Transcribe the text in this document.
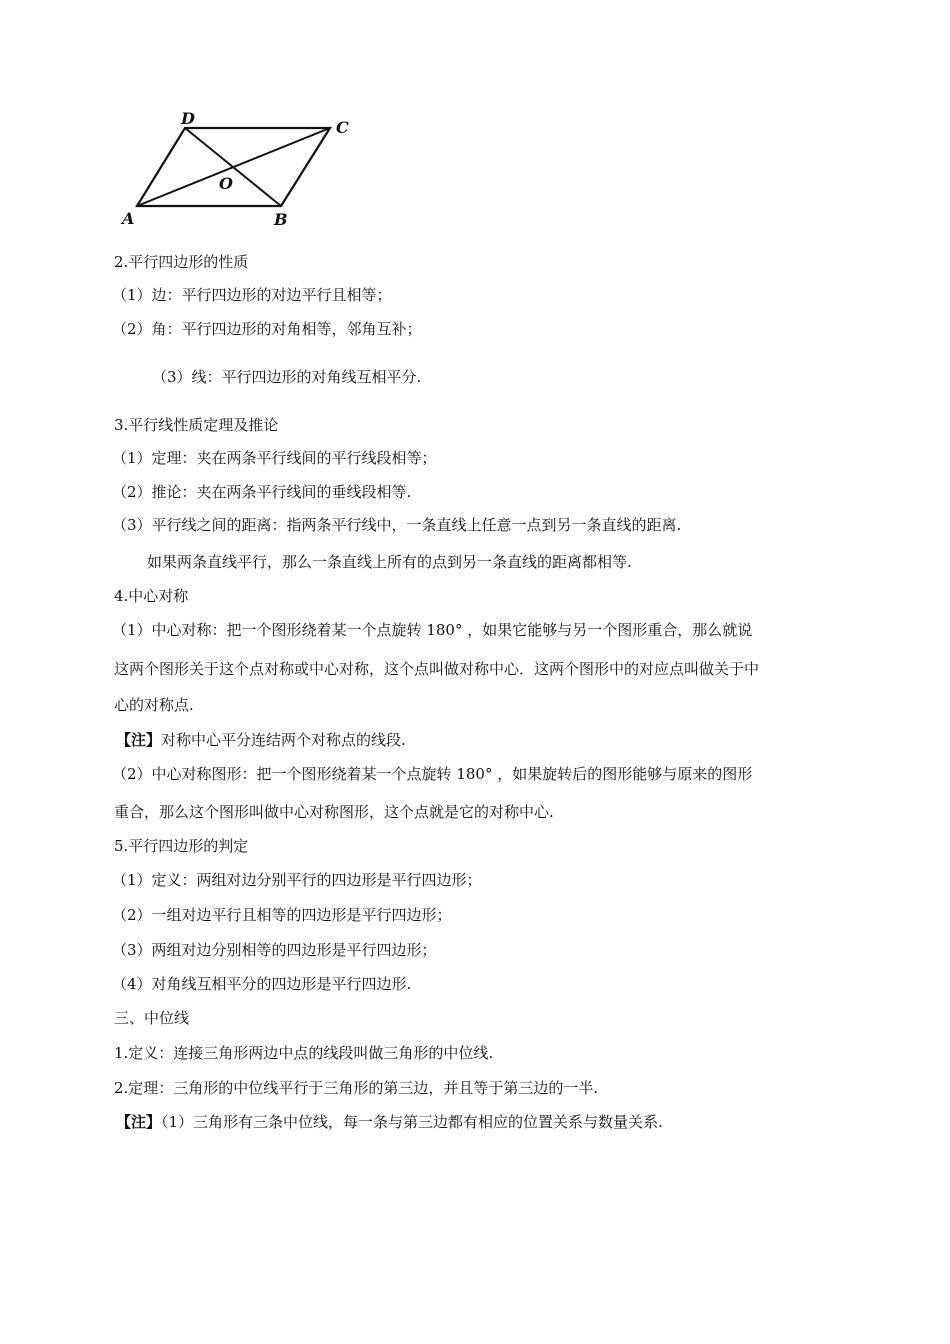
D	C
O
A	B
2.平行四边形的性质
（1）边：平行四边形的对边平行且相等；
（2）角：平行四边形的对角相等，邻角互补；
（3）线：平行四边形的对角线互相平分.
3.平行线性质定理及推论
（1）定理：夹在两条平行线间的平行线段相等；
（2）推论：夹在两条平行线间的垂线段相等.
（3）平行线之间的距离：指两条平行线中，一条直线上任意一点到另一条直线的距离.
如果两条直线平行，那么一条直线上所有的点到另一条直线的距离都相等.
4.中心对称
（1）中心对称：把一个图形绕着某一个点旋转 180° ，如果它能够与另一个图形重合，那么就说
这两个图形关于这个点对称或中心对称，这个点叫做对称中心．这两个图形中的对应点叫做关于中
心的对称点.
【注】对称中心平分连结两个对称点的线段.
（2）中心对称图形：把一个图形绕着某一个点旋转 180° ，如果旋转后的图形能够与原来的图形
重合，那么这个图形叫做中心对称图形，这个点就是它的对称中心.
5.平行四边形的判定
（1）定义：两组对边分别平行的四边形是平行四边形；
（2）一组对边平行且相等的四边形是平行四边形；
（3）两组对边分别相等的四边形是平行四边形；
（4）对角线互相平分的四边形是平行四边形.
三、中位线
1.定义：连接三角形两边中点的线段叫做三角形的中位线.
2.定理：三角形的中位线平行于三角形的第三边，并且等于第三边的一半.
【注】（1）三角形有三条中位线，每一条与第三边都有相应的位置关系与数量关系.
